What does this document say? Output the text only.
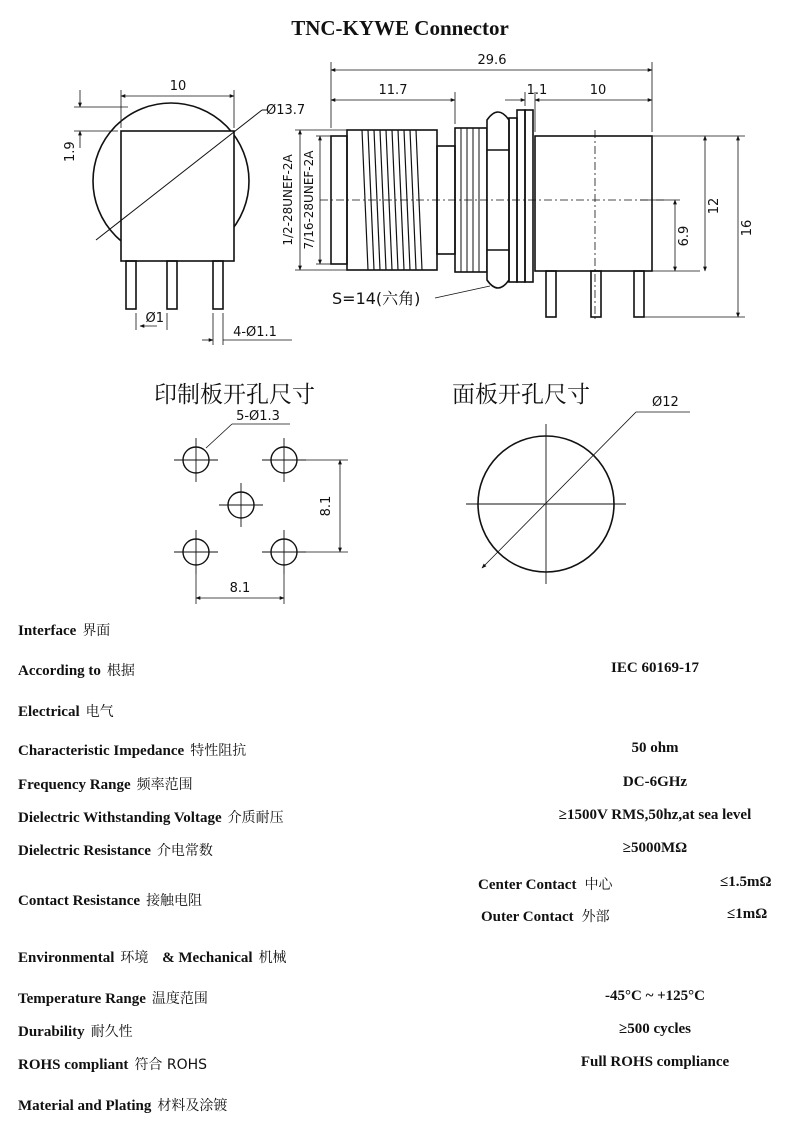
TNC-KYWE Connector
10
Ø13.7
1.9
Ø1
4-Ø1.1
29.6
11.7	1.1	10
1/2-28UNEF-2A 7/16-28UNEF-2A	6.9
12
16
S=14(六角)
5-Ø1.3
8.1
8.1
Ø12
印制板开孔尺寸	面板开孔尺寸
Interface 界面
According to 根据	IEC 60169-17
Electrical 电气
Characteristic Impedance 特性阻抗	50 ohm
Frequency Range 频率范围	DC-6GHz
Dielectric Withstanding Voltage 介质耐压	≥1500V RMS,50hz,at sea level
Dielectric Resistance 介电常数	≥5000MΩ
Contact Resistance 接触电阻
Center Contact 中心	≤1.5mΩ
Outer Contact 外部	≤1mΩ
Environmental 环境 & Mechanical 机械
Temperature Range 温度范围	-45°C ~ +125°C
Durability 耐久性	≥500 cycles
ROHS compliant 符合 ROHS	Full ROHS compliance
Material and Plating 材料及涂镀
